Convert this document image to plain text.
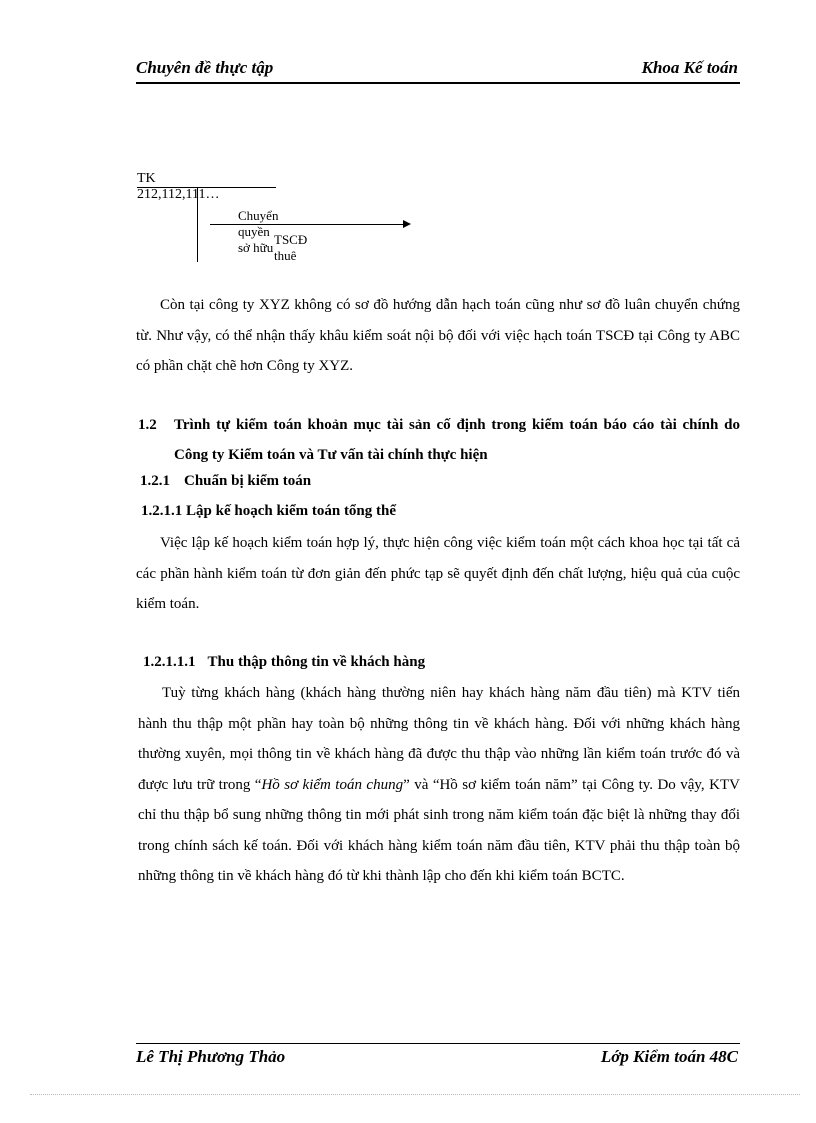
Chuyên đề thực tập	Khoa Kế toán
TK 212,112,111…
Chuyển quyền sở hữu
TSCĐ thuê
Còn tại công ty XYZ không có sơ đồ hướng dẫn hạch toán cũng như sơ đồ luân chuyển chứng từ. Như vậy, có thể nhận thấy khâu kiểm soát nội bộ đối với việc hạch toán TSCĐ tại Công ty ABC có phần chặt chẽ hơn Công ty XYZ.
1.2 Trình tự kiểm toán khoản mục tài sản cố định trong kiểm toán báo cáo tài chính do Công ty Kiểm toán và Tư vấn tài chính thực hiện
1.2.1 Chuẩn bị kiểm toán
1.2.1.1 Lập kế hoạch kiểm toán tổng thể
Việc lập kế hoạch kiểm toán hợp lý, thực hiện công việc kiểm toán một cách khoa học tại tất cả các phần hành kiểm toán từ đơn giản đến phức tạp sẽ quyết định đến chất lượng, hiệu quả của cuộc kiểm toán.
1.2.1.1.1 Thu thập thông tin về khách hàng
Tuỳ từng khách hàng (khách hàng thường niên hay khách hàng năm đầu tiên) mà KTV tiến hành thu thập một phần hay toàn bộ những thông tin về khách hàng. Đối với những khách hàng thường xuyên, mọi thông tin về khách hàng đã được thu thập vào những lần kiểm toán trước đó và được lưu trữ trong “Hồ sơ kiểm toán chung” và “Hồ sơ kiểm toán năm” tại Công ty. Do vậy, KTV chỉ thu thập bổ sung những thông tin mới phát sinh trong năm kiểm toán đặc biệt là những thay đổi trong chính sách kế toán. Đối với khách hàng kiểm toán năm đầu tiên, KTV phải thu thập toàn bộ những thông tin về khách hàng đó từ khi thành lập cho đến khi kiểm toán BCTC.
Lê Thị Phương Thảo	Lớp Kiểm toán 48C
